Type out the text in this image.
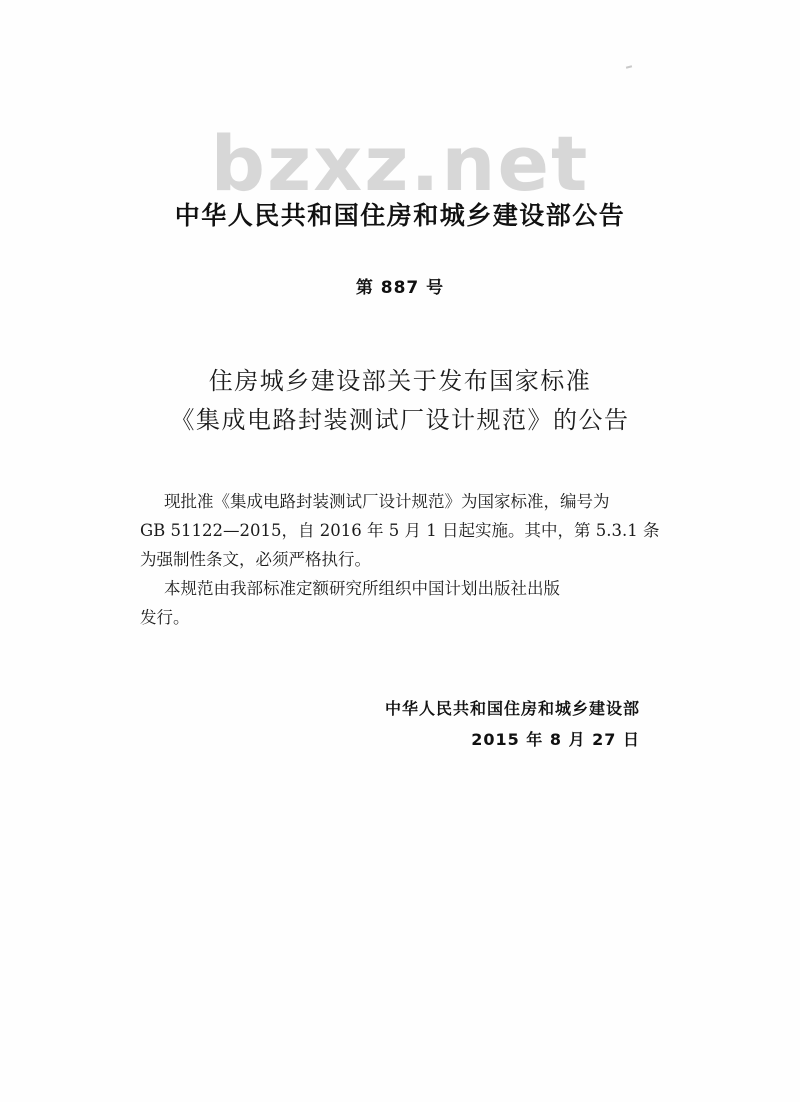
bzxz.net
中华人民共和国住房和城乡建设部公告
第 887 号
住房城乡建设部关于发布国家标准
《集成电路封装测试厂设计规范》的公告
现批准《集成电路封装测试厂设计规范》为国家标准，编号为
GB 51122—2015，自 2016 年 5 月 1 日起实施。其中，第 5.3.1 条
为强制性条文，必须严格执行。
本规范由我部标准定额研究所组织中国计划出版社出版
发行。
中华人民共和国住房和城乡建设部
2015 年 8 月 27 日
